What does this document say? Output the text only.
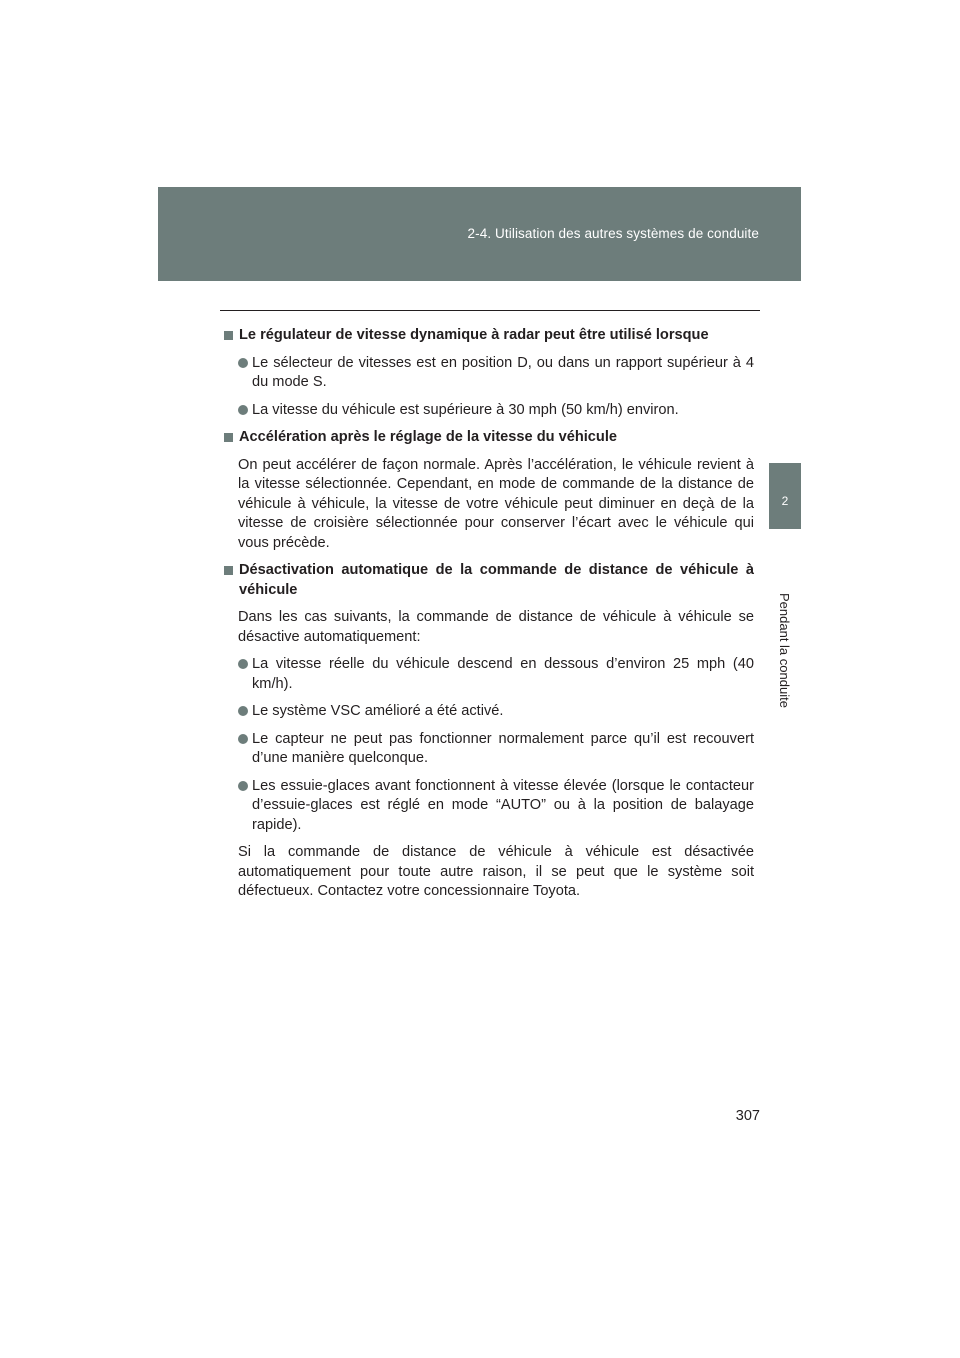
2-4. Utilisation des autres systèmes de conduite
2
Pendant la conduite
Le régulateur de vitesse dynamique à radar peut être utilisé lorsque
Le sélecteur de vitesses est en position D, ou dans un rapport supérieur à 4 du mode S.
La vitesse du véhicule est supérieure à 30 mph (50 km/h) environ.
Accélération après le réglage de la vitesse du véhicule
On peut accélérer de façon normale. Après l’accélération, le véhicule revient à la vitesse sélectionnée. Cependant, en mode de commande de la distance de véhicule à véhicule, la vitesse de votre véhicule peut diminuer en deçà de la vitesse de croisière sélectionnée pour conserver l’écart avec le véhicule qui vous précède.
Désactivation automatique de la commande de distance de véhicule à véhicule
Dans les cas suivants, la commande de distance de véhicule à véhicule se désactive automatiquement:
La vitesse réelle du véhicule descend en dessous d’environ 25 mph (40 km/h).
Le système VSC amélioré a été activé.
Le capteur ne peut pas fonctionner normalement parce qu’il est recouvert d’une manière quelconque.
Les essuie-glaces avant fonctionnent à vitesse élevée (lorsque le contacteur d’essuie-glaces est réglé en mode “AUTO” ou à la position de balayage rapide).
Si la commande de distance de véhicule à véhicule est désactivée automatiquement pour toute autre raison, il se peut que le système soit défectueux. Contactez votre concessionnaire Toyota.
307
